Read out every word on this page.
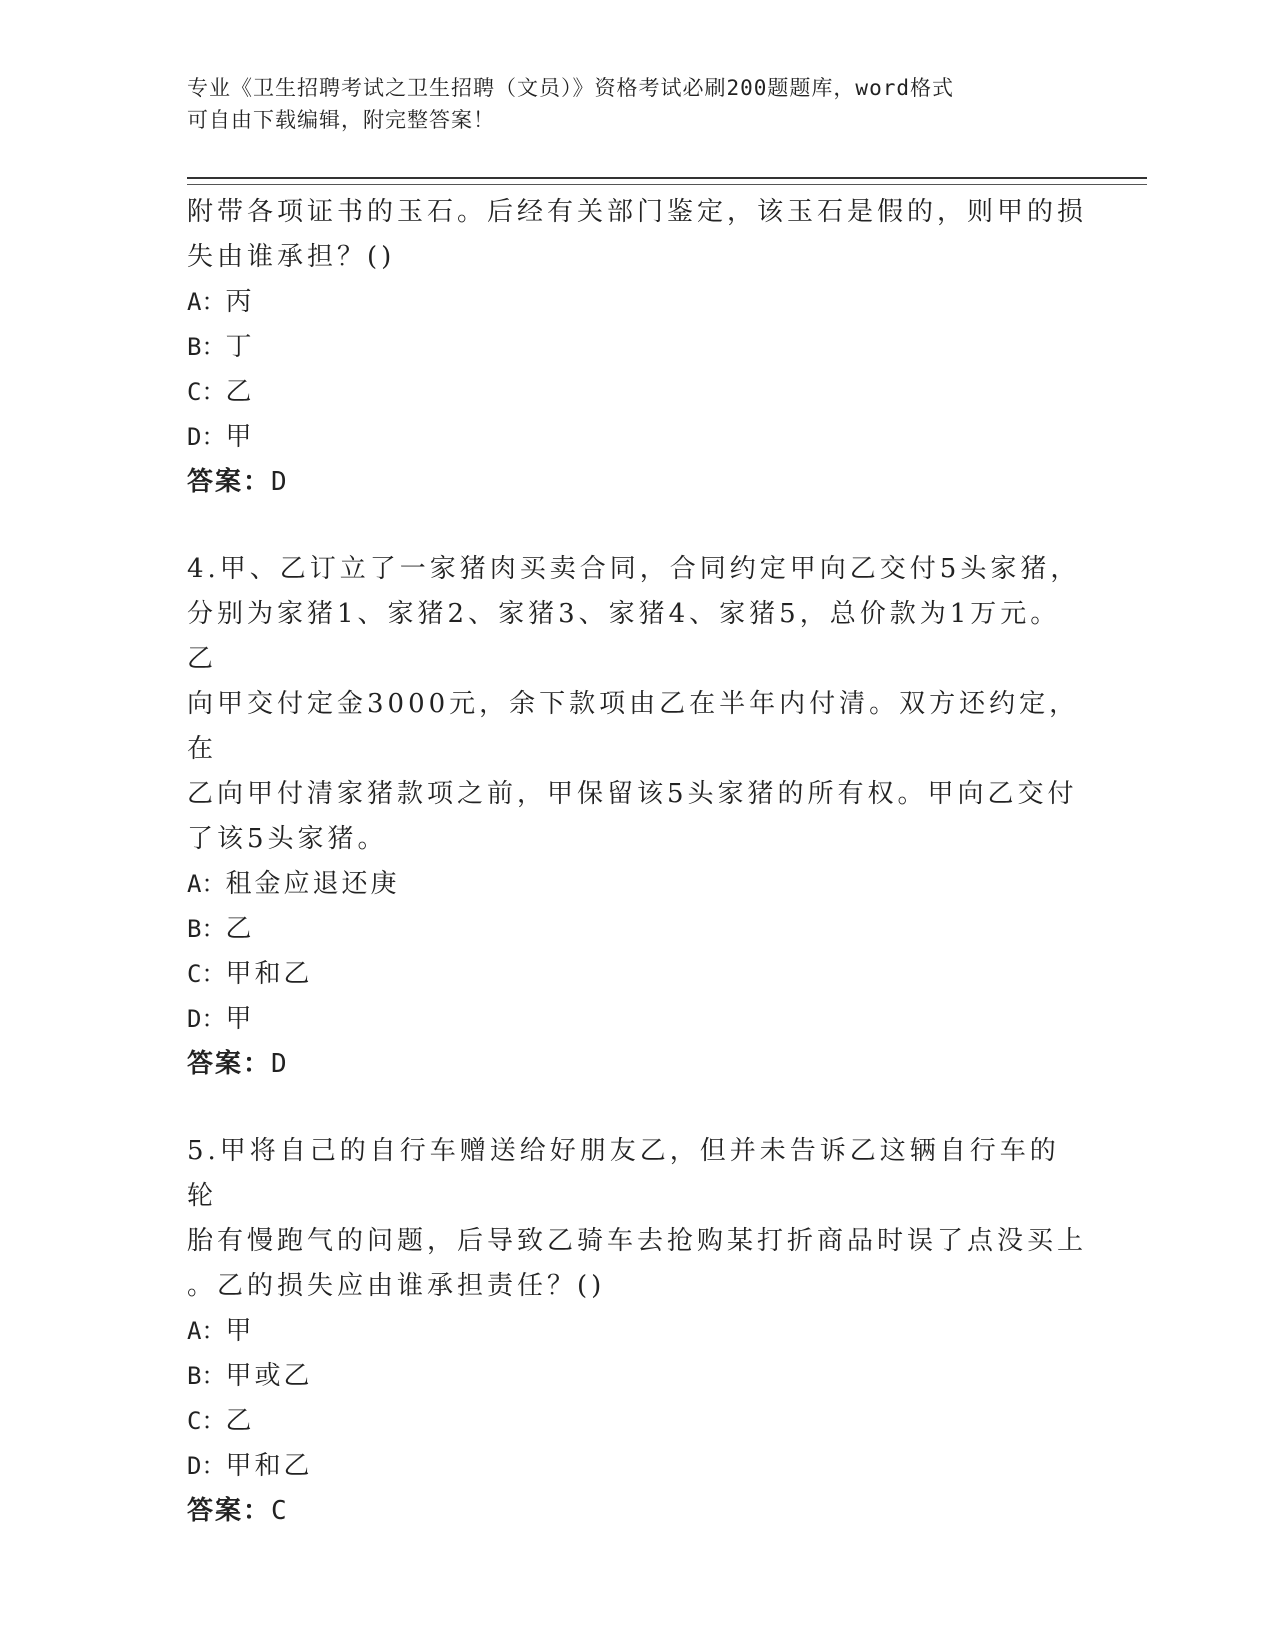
专业《卫生招聘考试之卫生招聘（文员）》资格考试必刷200题题库，word格式
可自由下载编辑，附完整答案！

附带各项证书的玉石。后经有关部门鉴定，该玉石是假的，则甲的损

失由谁承担？()

A：丙

B：丁

C：乙

D：甲

答案：D

4.甲、乙订立了一家猪肉买卖合同，合同约定甲向乙交付5头家猪，

分别为家猪1、家猪2、家猪3、家猪4、家猪5，总价款为1万元。乙

向甲交付定金3000元，余下款项由乙在半年内付清。双方还约定，在

乙向甲付清家猪款项之前，甲保留该5头家猪的所有权。甲向乙交付

了该5头家猪。

A：租金应退还庚

B：乙

C：甲和乙

D：甲

答案：D

5.甲将自己的自行车赠送给好朋友乙，但并未告诉乙这辆自行车的轮

胎有慢跑气的问题，后导致乙骑车去抢购某打折商品时误了点没买上

。乙的损失应由谁承担责任？()

A：甲

B：甲或乙

C：乙

D：甲和乙

答案：C
